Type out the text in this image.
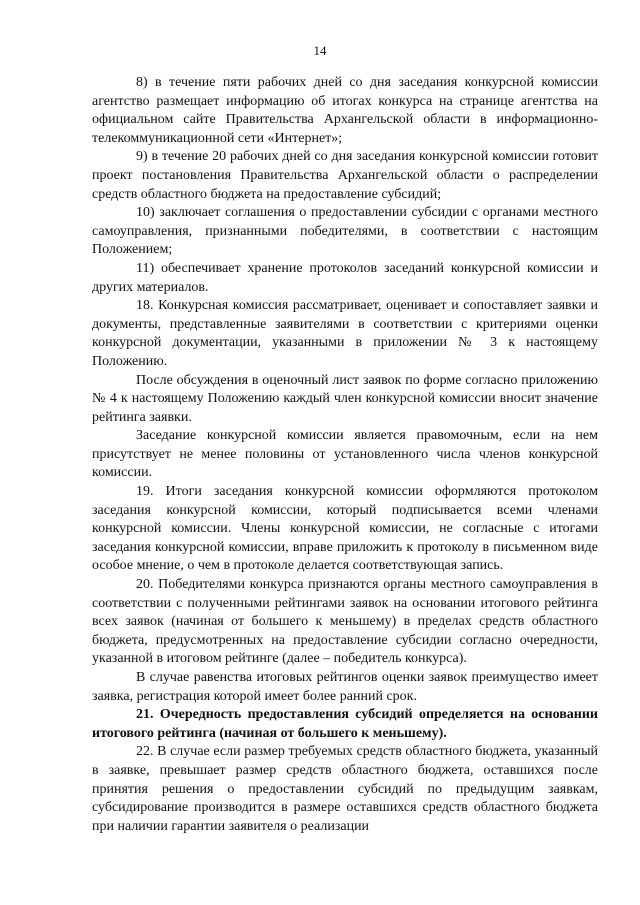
14

8) в течение пяти рабочих дней со дня заседания конкурсной комиссии агентство размещает информацию об итогах конкурса на странице агентства на официальном сайте Правительства Архангельской области в информационно-телекоммуникационной сети «Интернет»;

9) в течение 20 рабочих дней со дня заседания конкурсной комиссии готовит проект постановления Правительства Архангельской области о распределении средств областного бюджета на предоставление субсидий;

10) заключает соглашения о предоставлении субсидии с органами местного самоуправления, признанными победителями, в соответствии с настоящим Положением;

11) обеспечивает хранение протоколов заседаний конкурсной комиссии и других материалов.

18. Конкурсная комиссия рассматривает, оценивает и сопоставляет заявки и документы, представленные заявителями в соответствии с критериями оценки конкурсной документации, указанными в приложении № 3 к настоящему Положению.

После обсуждения в оценочный лист заявок по форме согласно приложению № 4 к настоящему Положению каждый член конкурсной комиссии вносит значение рейтинга заявки.

Заседание конкурсной комиссии является правомочным, если на нем присутствует не менее половины от установленного числа членов конкурсной комиссии.

19. Итоги заседания конкурсной комиссии оформляются протоколом заседания конкурсной комиссии, который подписывается всеми членами конкурсной комиссии. Члены конкурсной комиссии, не согласные с итогами заседания конкурсной комиссии, вправе приложить к протоколу в письменном виде особое мнение, о чем в протоколе делается соответствующая запись.

20. Победителями конкурса признаются органы местного самоуправления в соответствии с полученными рейтингами заявок на основании итогового рейтинга всех заявок (начиная от большего к меньшему) в пределах средств областного бюджета, предусмотренных на предоставление субсидии согласно очередности, указанной в итоговом рейтинге (далее – победитель конкурса).

В случае равенства итоговых рейтингов оценки заявок преимущество имеет заявка, регистрация которой имеет более ранний срок.

21. Очередность предоставления субсидий определяется на основании итогового рейтинга (начиная от большего к меньшему).

22. В случае если размер требуемых средств областного бюджета, указанный в заявке, превышает размер средств областного бюджета, оставшихся после принятия решения о предоставлении субсидий по предыдущим заявкам, субсидирование производится в размере оставшихся средств областного бюджета при наличии гарантии заявителя о реализации
